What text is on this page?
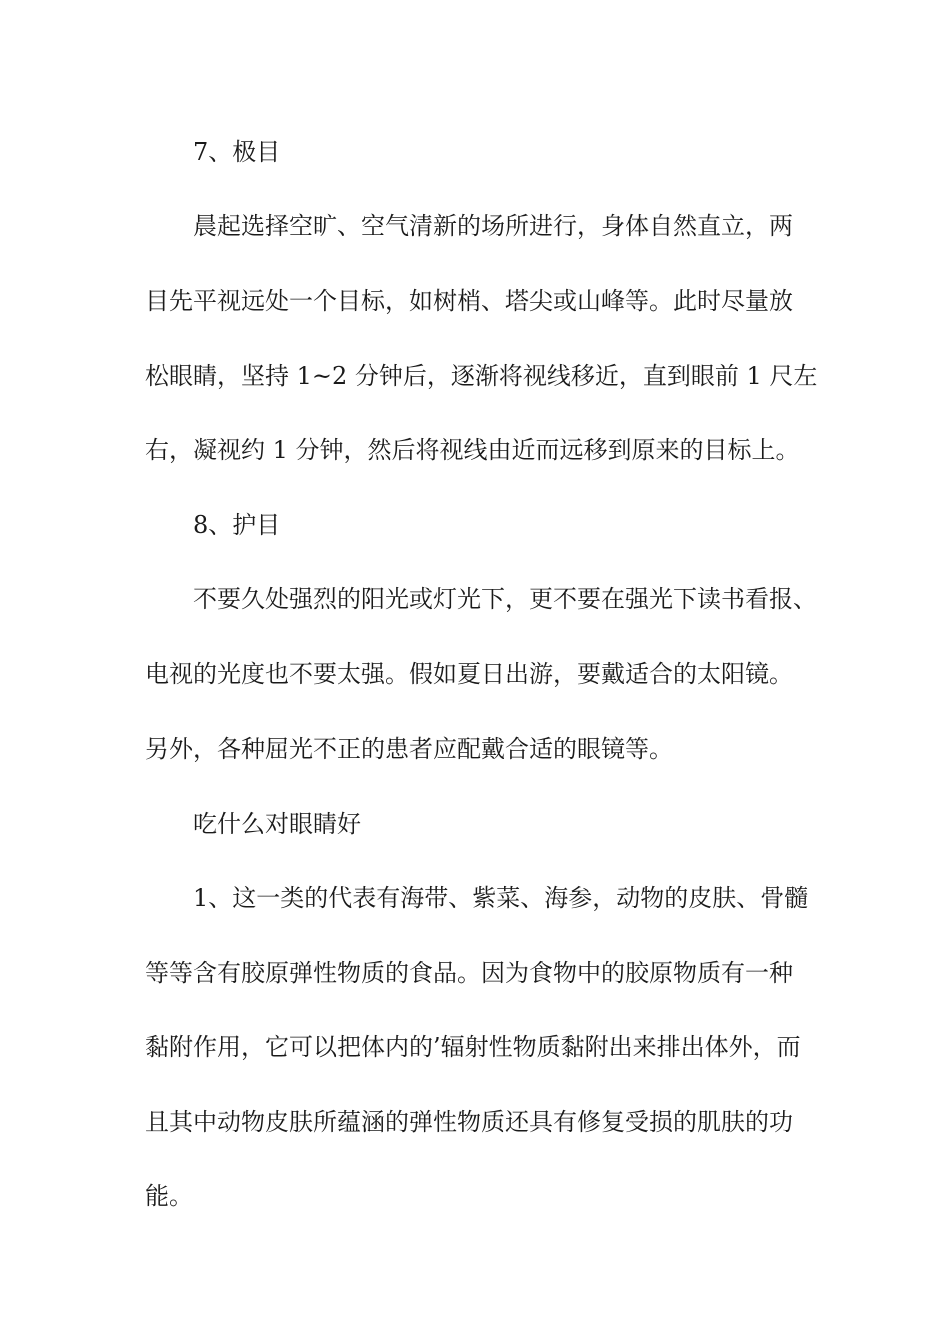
7、极目
晨起选择空旷、空气清新的场所进行，身体自然直立，两
目先平视远处一个目标，如树梢、塔尖或山峰等。此时尽量放
松眼睛，坚持 1~2 分钟后，逐渐将视线移近，直到眼前 1 尺左
右，凝视约 1 分钟，然后将视线由近而远移到原来的目标上。
8、护目
不要久处强烈的阳光或灯光下，更不要在强光下读书看报、
电视的光度也不要太强。假如夏日出游，要戴适合的太阳镜。
另外，各种屈光不正的患者应配戴合适的眼镜等。
吃什么对眼睛好
1、这一类的代表有海带、紫菜、海参，动物的皮肤、骨髓
等等含有胶原弹性物质的食品。因为食物中的胶原物质有一种
黏附作用，它可以把体内的’辐射性物质黏附出来排出体外，而
且其中动物皮肤所蕴涵的弹性物质还具有修复受损的肌肤的功
能。
